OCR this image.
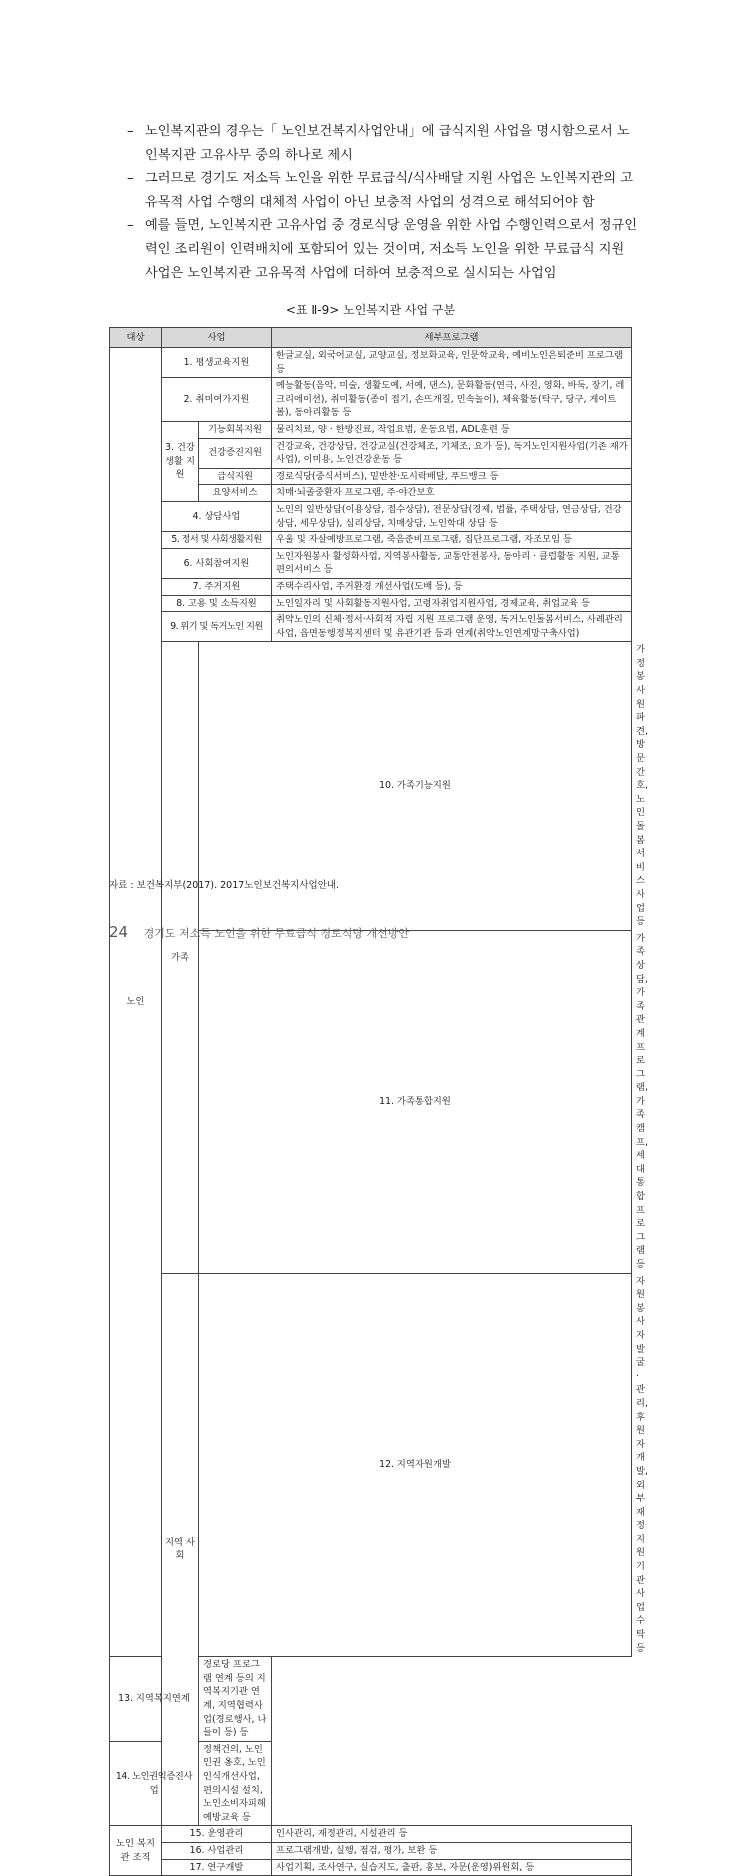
– 노인복지관의 경우는「 노인보건복지사업안내」에 급식지원 사업을 명시함으로서 노인복지관 고유사무 중의 하나로 제시
– 그러므로 경기도 저소득 노인을 위한 무료급식/식사배달 지원 사업은 노인복지관의 고유목적 사업 수행의 대체적 사업이 아닌 보충적 사업의 성격으로 해석되어야 함
– 예를 들면, 노인복지관 고유사업 중 경로식당 운영을 위한 사업 수행인력으로서 정규인력인 조리원이 인력배치에 포함되어 있는 것이며, 저소득 노인을 위한 무료급식 지원 사업은 노인복지관 고유목적 사업에 더하여 보충적으로 실시되는 사업임
<표 Ⅱ-9> 노인복지관 사업 구분
대상	사업		세부프로그램	
노인	1. 평생교육지원		한글교실, 외국어교실, 교양교실, 정보화교육, 인문학교육, 예비노인은퇴준비 프로그램 등	
	2. 취미여가지원		예능활동(음악, 미술, 생활도예, 서예, 댄스), 문화활동(연극, 사진, 영화, 바둑, 장기, 레크리에이션), 취미활동(종이 접기, 손뜨개질, 민속놀이), 체육활동(탁구, 당구, 게이트볼), 동아리활동 등	
	3. 건강 생활 지원	기능회복지원	물리치료, 양 · 한방진료, 작업요법, 운동요법, ADL훈련 등	
		건강증진지원	건강교육, 건강상담, 건강교실(건강체조, 기체조, 요가 등), 독거노인지원사업(기존 재가사업), 이미용, 노인건강운동 등	
		급식지원	경로식당(중식서비스), 밑반찬·도시락배달, 푸드뱅크 등	
		요양서비스	치매·뇌졸중환자 프로그램, 주·야간보호	
	4. 상담사업		노인의 일반상담(이용상담, 접수상담), 전문상담(경제, 법률, 주택상담, 연금상담, 건강상담, 세무상담), 심리상담, 치매상담, 노인학대 상담 등	
	5. 정서 및 사회생활지원		우울 및 자살예방프로그램, 죽음준비프로그램, 집단프로그램, 자조모임 등	
	6. 사회참여지원		노인자원봉사 활성화사업, 지역봉사활동, 교통안전봉사, 동아리 · 클럽활동 지원, 교통편의서비스 등	
	7. 주거지원		주택수리사업, 주거환경 개선사업(도배 등), 등	
	8. 고용 및 소득지원		노인일자리 및 사회활동지원사업, 고령자취업지원사업, 경제교육, 취업교육 등	
	9. 위기 및 독거노인 지원		취약노인의 신체·정서·사회적 자립 지원 프로그램 운영, 독거노인돌봄서비스, 사례관리사업, 읍면동행정복지센터 및 유관기관 등과 연계(취약노인연계망구축사업)	
	가족	10. 가족기능지원		가정봉사원파견, 방문간호, 노인돌봄서비스사업 등
		11. 가족통합지원		가족상담, 가족관계프로그램, 가족캠프, 세대통합프로그램 등
	지역 사회	12. 지역자원개발		자원봉사자 발굴 · 관리, 후원자 개발, 외부 재정지원기관 사업 수탁 등
13. 지역복지연계		경로당 프로그램 연계 등의 지역복지기관 연계, 지역협력사업(경로행사, 나들이 등) 등		
14. 노인권익증진사업		정책건의, 노인인권 옹호, 노인인식개선사업, 편의시설 설치, 노인소비자피해예방교육 등		
노인 복지관 조직	15. 운영관리		인사관리, 재정관리, 시설관리 등	
	16. 사업관리		프로그램개발, 실행, 점검, 평가, 보완 등	
	17. 연구개발		사업기획, 조사연구, 실습지도, 출판, 홍보, 자문(운영)위원회, 등	
자료 : 보건복지부(2017). 2017노인보건복지사업안내.
24 경기도 저소득 노인을 위한 무료급식 경로식당 개선방안
